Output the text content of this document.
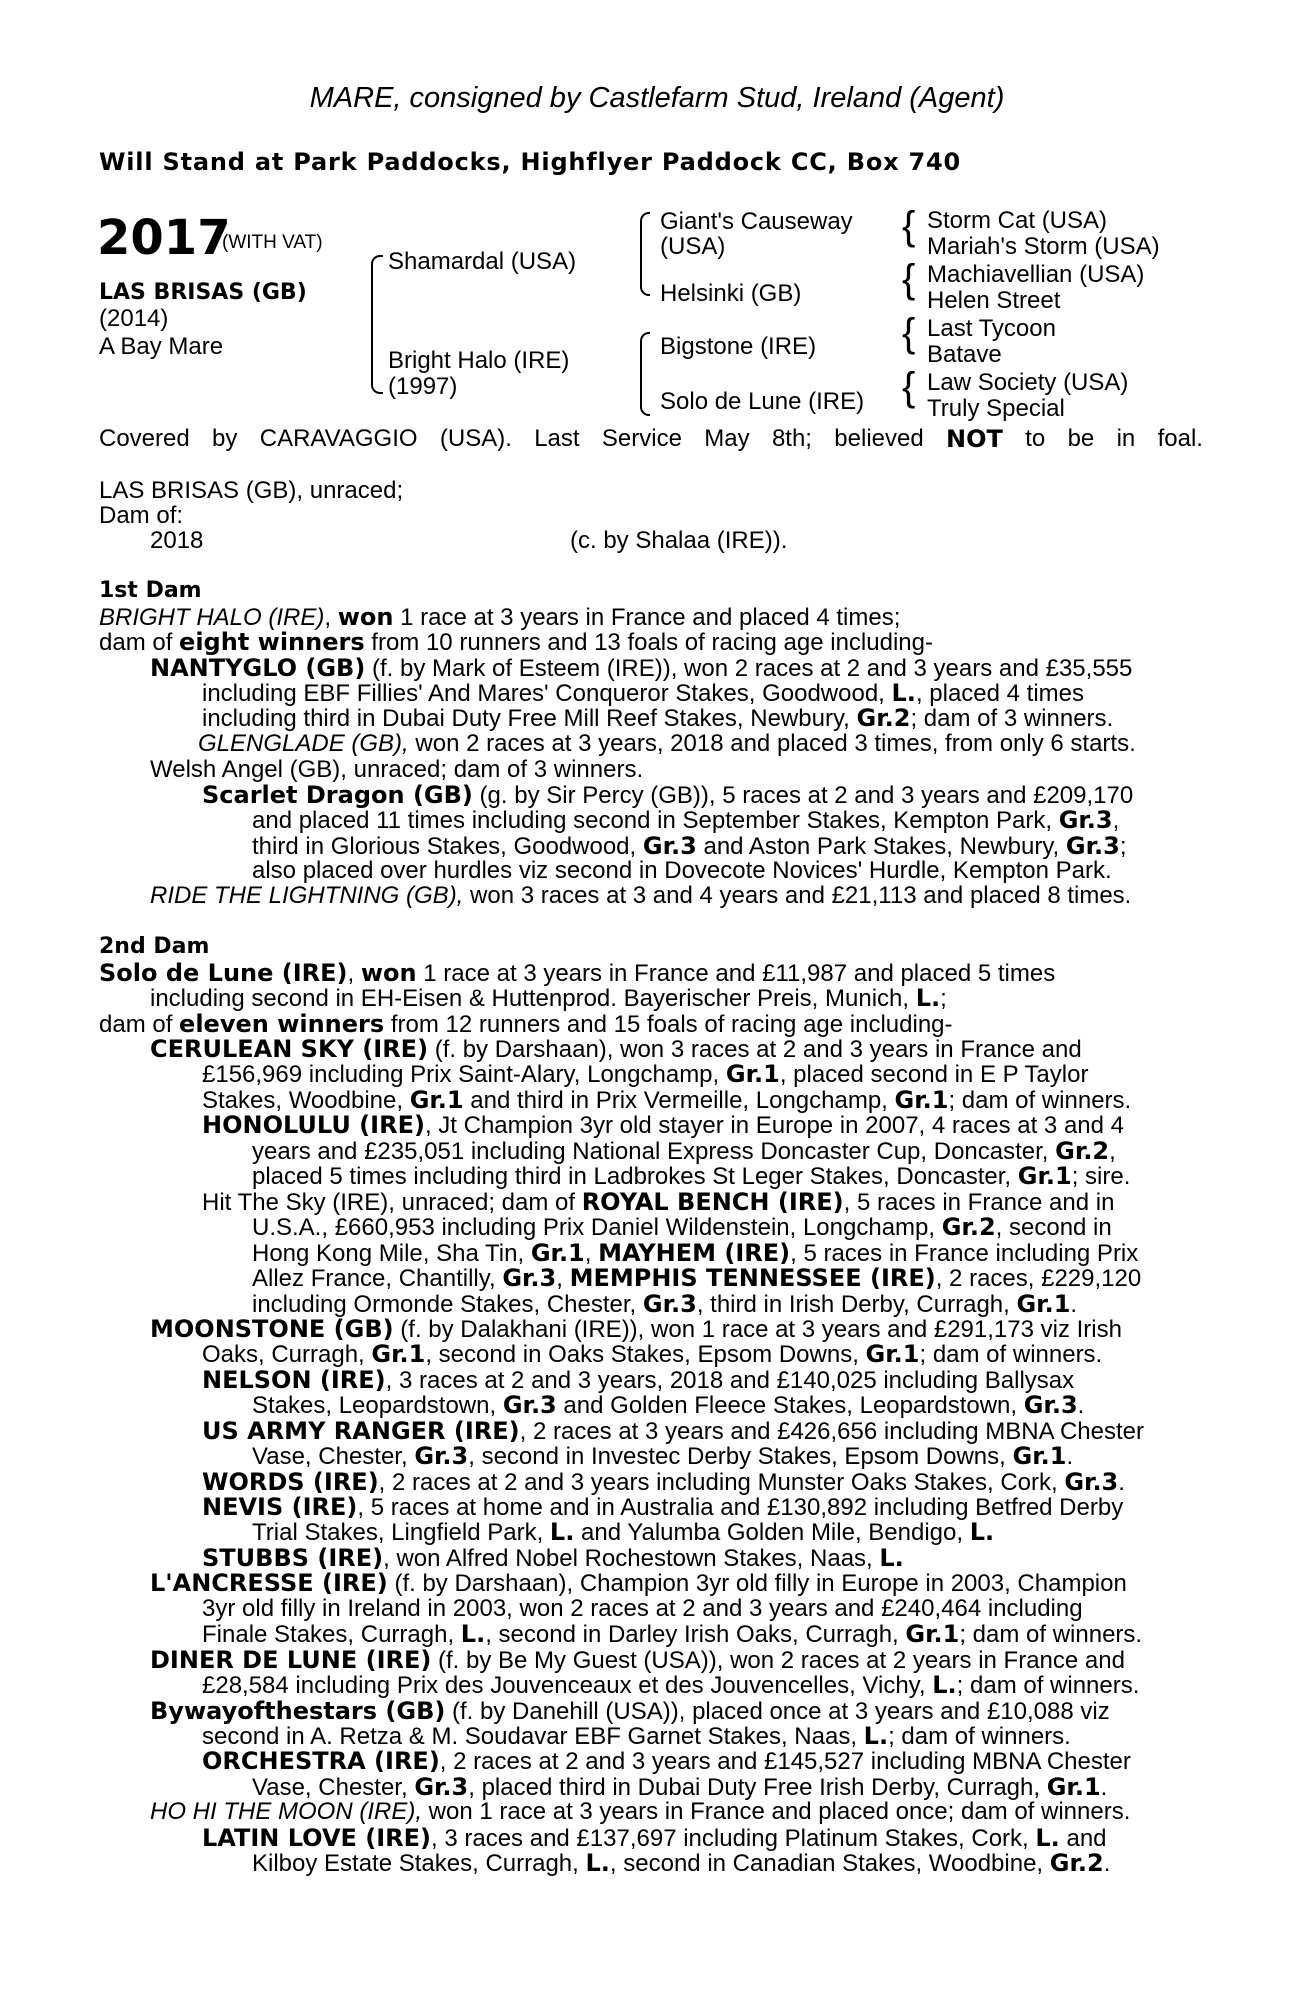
MARE, consigned by Castlefarm Stud, Ireland (Agent)
Will Stand at Park Paddocks, Highflyer Paddock CC, Box 740
2017
(WITH VAT)
LAS BRISAS (GB)
(2014)
A Bay Mare
{
{
{
{
Shamardal (USA)
Bright Halo (IRE)
(1997)
Giant's Causeway
(USA)
Helsinki (GB)
Bigstone (IRE)
Solo de Lune (IRE)
Storm Cat (USA)
Mariah's Storm (USA)
Machiavellian (USA)
Helen Street
Last Tycoon
Batave
Law Society (USA)
Truly Special
Covered by CARAVAGGIO (USA). Last Service May 8th; believed NOT to be in foal.
LAS BRISAS (GB), unraced;
Dam of:
2018	(c. by Shalaa (IRE)).
1st Dam
BRIGHT HALO (IRE), won 1 race at 3 years in France and placed 4 times;
dam of eight winners from 10 runners and 13 foals of racing age including-
NANTYGLO (GB) (f. by Mark of Esteem (IRE)), won 2 races at 2 and 3 years and £35,555
including EBF Fillies' And Mares' Conqueror Stakes, Goodwood, L., placed 4 times
including third in Dubai Duty Free Mill Reef Stakes, Newbury, Gr.2; dam of 3 winners.
GLENGLADE (GB), won 2 races at 3 years, 2018 and placed 3 times, from only 6 starts.
Welsh Angel (GB), unraced; dam of 3 winners.
Scarlet Dragon (GB) (g. by Sir Percy (GB)), 5 races at 2 and 3 years and £209,170
and placed 11 times including second in September Stakes, Kempton Park, Gr.3,
third in Glorious Stakes, Goodwood, Gr.3 and Aston Park Stakes, Newbury, Gr.3;
also placed over hurdles viz second in Dovecote Novices' Hurdle, Kempton Park.
RIDE THE LIGHTNING (GB), won 3 races at 3 and 4 years and £21,113 and placed 8 times.
2nd Dam
Solo de Lune (IRE), won 1 race at 3 years in France and £11,987 and placed 5 times
including second in EH-Eisen & Huttenprod. Bayerischer Preis, Munich, L.;
dam of eleven winners from 12 runners and 15 foals of racing age including-
CERULEAN SKY (IRE) (f. by Darshaan), won 3 races at 2 and 3 years in France and
£156,969 including Prix Saint-Alary, Longchamp, Gr.1, placed second in E P Taylor
Stakes, Woodbine, Gr.1 and third in Prix Vermeille, Longchamp, Gr.1; dam of winners.
HONOLULU (IRE), Jt Champion 3yr old stayer in Europe in 2007, 4 races at 3 and 4
years and £235,051 including National Express Doncaster Cup, Doncaster, Gr.2,
placed 5 times including third in Ladbrokes St Leger Stakes, Doncaster, Gr.1; sire.
Hit The Sky (IRE), unraced; dam of ROYAL BENCH (IRE), 5 races in France and in
U.S.A., £660,953 including Prix Daniel Wildenstein, Longchamp, Gr.2, second in
Hong Kong Mile, Sha Tin, Gr.1, MAYHEM (IRE), 5 races in France including Prix
Allez France, Chantilly, Gr.3, MEMPHIS TENNESSEE (IRE), 2 races, £229,120
including Ormonde Stakes, Chester, Gr.3, third in Irish Derby, Curragh, Gr.1.
MOONSTONE (GB) (f. by Dalakhani (IRE)), won 1 race at 3 years and £291,173 viz Irish
Oaks, Curragh, Gr.1, second in Oaks Stakes, Epsom Downs, Gr.1; dam of winners.
NELSON (IRE), 3 races at 2 and 3 years, 2018 and £140,025 including Ballysax
Stakes, Leopardstown, Gr.3 and Golden Fleece Stakes, Leopardstown, Gr.3.
US ARMY RANGER (IRE), 2 races at 3 years and £426,656 including MBNA Chester
Vase, Chester, Gr.3, second in Investec Derby Stakes, Epsom Downs, Gr.1.
WORDS (IRE), 2 races at 2 and 3 years including Munster Oaks Stakes, Cork, Gr.3.
NEVIS (IRE), 5 races at home and in Australia and £130,892 including Betfred Derby
Trial Stakes, Lingfield Park, L. and Yalumba Golden Mile, Bendigo, L.
STUBBS (IRE), won Alfred Nobel Rochestown Stakes, Naas, L.
L'ANCRESSE (IRE) (f. by Darshaan), Champion 3yr old filly in Europe in 2003, Champion
3yr old filly in Ireland in 2003, won 2 races at 2 and 3 years and £240,464 including
Finale Stakes, Curragh, L., second in Darley Irish Oaks, Curragh, Gr.1; dam of winners.
DINER DE LUNE (IRE) (f. by Be My Guest (USA)), won 2 races at 2 years in France and
£28,584 including Prix des Jouvenceaux et des Jouvencelles, Vichy, L.; dam of winners.
Bywayofthestars (GB) (f. by Danehill (USA)), placed once at 3 years and £10,088 viz
second in A. Retza & M. Soudavar EBF Garnet Stakes, Naas, L.; dam of winners.
ORCHESTRA (IRE), 2 races at 2 and 3 years and £145,527 including MBNA Chester
Vase, Chester, Gr.3, placed third in Dubai Duty Free Irish Derby, Curragh, Gr.1.
HO HI THE MOON (IRE), won 1 race at 3 years in France and placed once; dam of winners.
LATIN LOVE (IRE), 3 races and £137,697 including Platinum Stakes, Cork, L. and
Kilboy Estate Stakes, Curragh, L., second in Canadian Stakes, Woodbine, Gr.2.
